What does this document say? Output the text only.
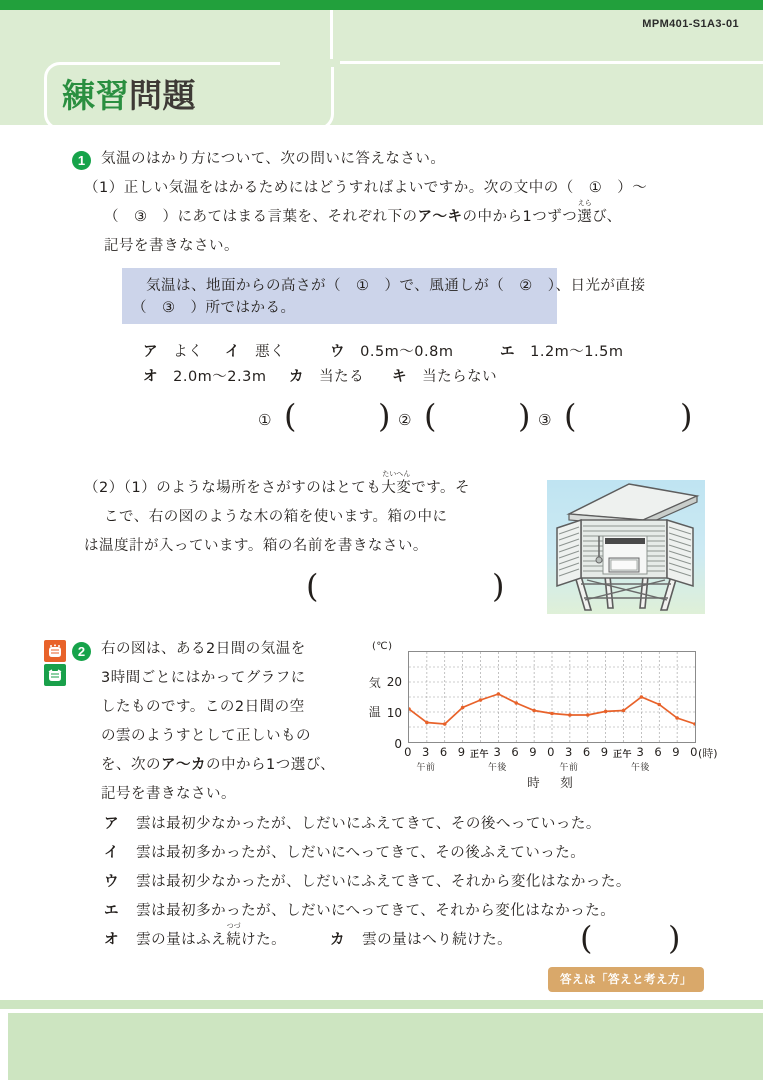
練習問題
MPM401-S1A3-01
1	気温のはかり方について、次の問いに答えなさい。
（1）正しい気温をはかるためにはどうすればよいですか。次の文中の（　①　）〜
（　③　）にあてはまる言葉を、それぞれ下のア〜キの中から1つずつ
えら
選び、
記号を書きなさい。
気温は、地面からの高さが（　①　）で、風通しが（　②　）、日光が直接
（　③　）所ではかる。
ア よく イ 悪く	ウ 0.5m〜0.8m	エ 1.2m〜1.5m
オ 2.0m〜2.3m カ 当たる キ 当たらない
① (	) ② (	) ③ (	)
（2）（1）のような場所をさがすのはとても
たいへん
大変です。そ
こで、右の図のような木の箱を使います。箱の中に
は温度計が入っています。箱の名前を書きなさい。
(	)
2	右の図は、ある2日間の気温を
3時間ごとにはかってグラフに
したものです。この2日間の空
の雲のようすとして正しいもの
を、次のア〜カの中から1つ選び、
記号を書きなさい。
ア 雲は最初少なかったが、しだいにふえてきて、その後へっていった。
イ 雲は最初多かったが、しだいにへってきて、その後ふえていった。
ウ 雲は最初少なかったが、しだいにふえてきて、それから変化はなかった。
エ 雲は最初多かったが、しだいにへってきて、それから変化はなかった。
オ 雲の量はふえ
つづ
続けた。	カ 雲の量はへり続けた。 ( )
(℃)
気
温
0
10
20
0 3 6 9 正午 3 6 9 0 3 6 9 正午 3 6 9 0
午前	午後	午前	午後
(時)
時　刻
答えは「答えと考え方」
